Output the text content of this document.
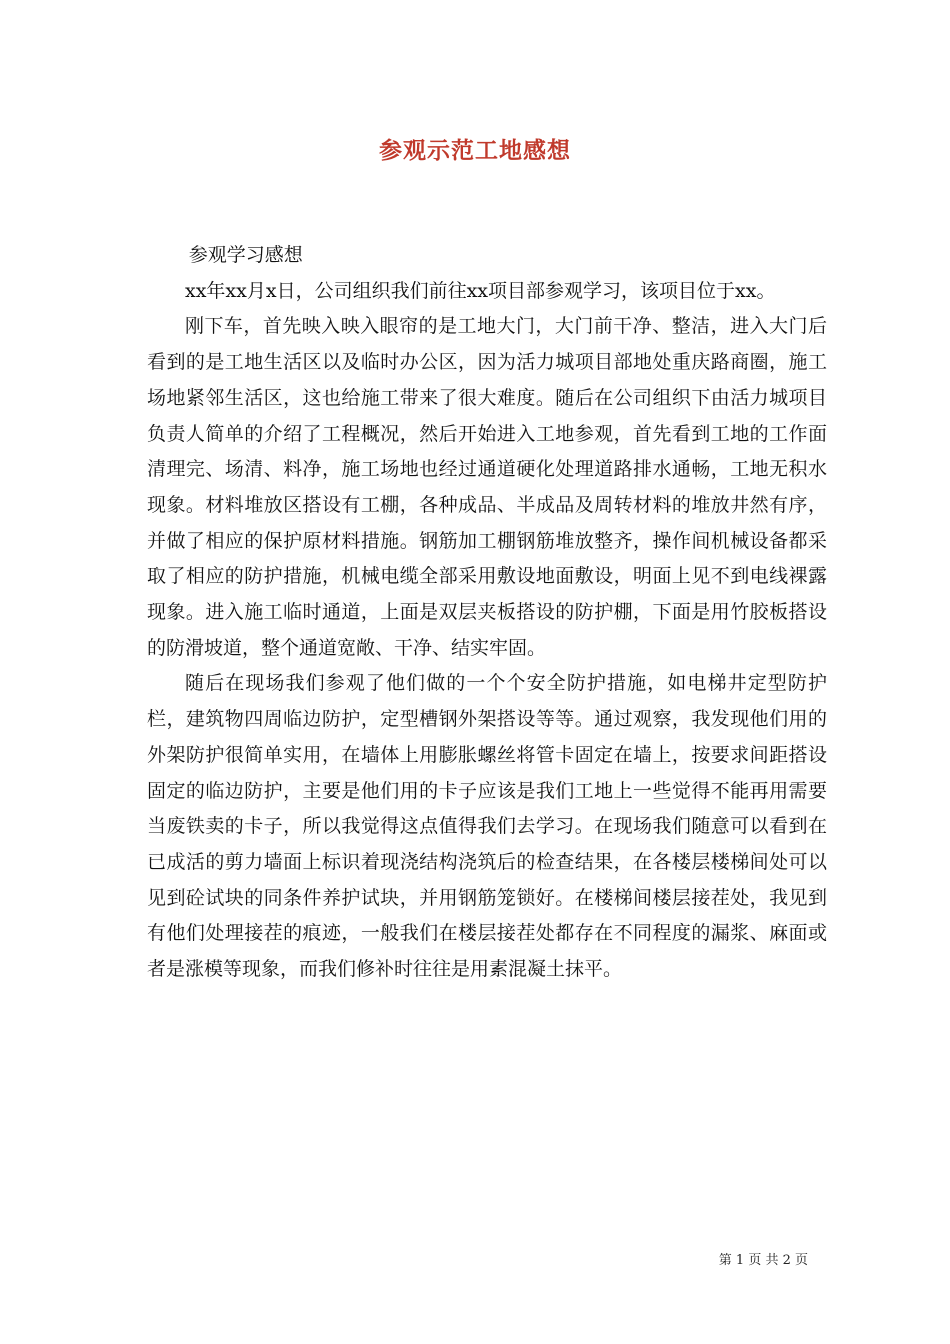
参观示范工地感想

参观学习感想

xx年xx月x日，公司组织我们前往xx项目部参观学习，该项目位于xx。

刚下车，首先映入映入眼帘的是工地大门，大门前干净、整洁，进入大门后看到的是工地生活区以及临时办公区，因为活力城项目部地处重庆路商圈，施工场地紧邻生活区，这也给施工带来了很大难度。随后在公司组织下由活力城项目负责人简单的介绍了工程概况，然后开始进入工地参观，首先看到工地的工作面清理完、场清、料净，施工场地也经过通道硬化处理道路排水通畅，工地无积水现象。材料堆放区搭设有工棚，各种成品、半成品及周转材料的堆放井然有序，并做了相应的保护原材料措施。钢筋加工棚钢筋堆放整齐，操作间机械设备都采取了相应的防护措施，机械电缆全部采用敷设地面敷设，明面上见不到电线裸露现象。进入施工临时通道，上面是双层夹板搭设的防护棚，下面是用竹胶板搭设的防滑坡道，整个通道宽敞、干净、结实牢固。

随后在现场我们参观了他们做的一个个安全防护措施，如电梯井定型防护栏，建筑物四周临边防护，定型槽钢外架搭设等等。通过观察，我发现他们用的外架防护很简单实用，在墙体上用膨胀螺丝将管卡固定在墙上，按要求间距搭设固定的临边防护，主要是他们用的卡子应该是我们工地上一些觉得不能再用需要当废铁卖的卡子，所以我觉得这点值得我们去学习。在现场我们随意可以看到在已成活的剪力墙面上标识着现浇结构浇筑后的检查结果，在各楼层楼梯间处可以见到砼试块的同条件养护试块，并用钢筋笼锁好。在楼梯间楼层接茬处，我见到有他们处理接茬的痕迹，一般我们在楼层接茬处都存在不同程度的漏浆、麻面或者是涨模等现象，而我们修补时往往是用素混凝土抹平。

第 1 页 共 2 页
